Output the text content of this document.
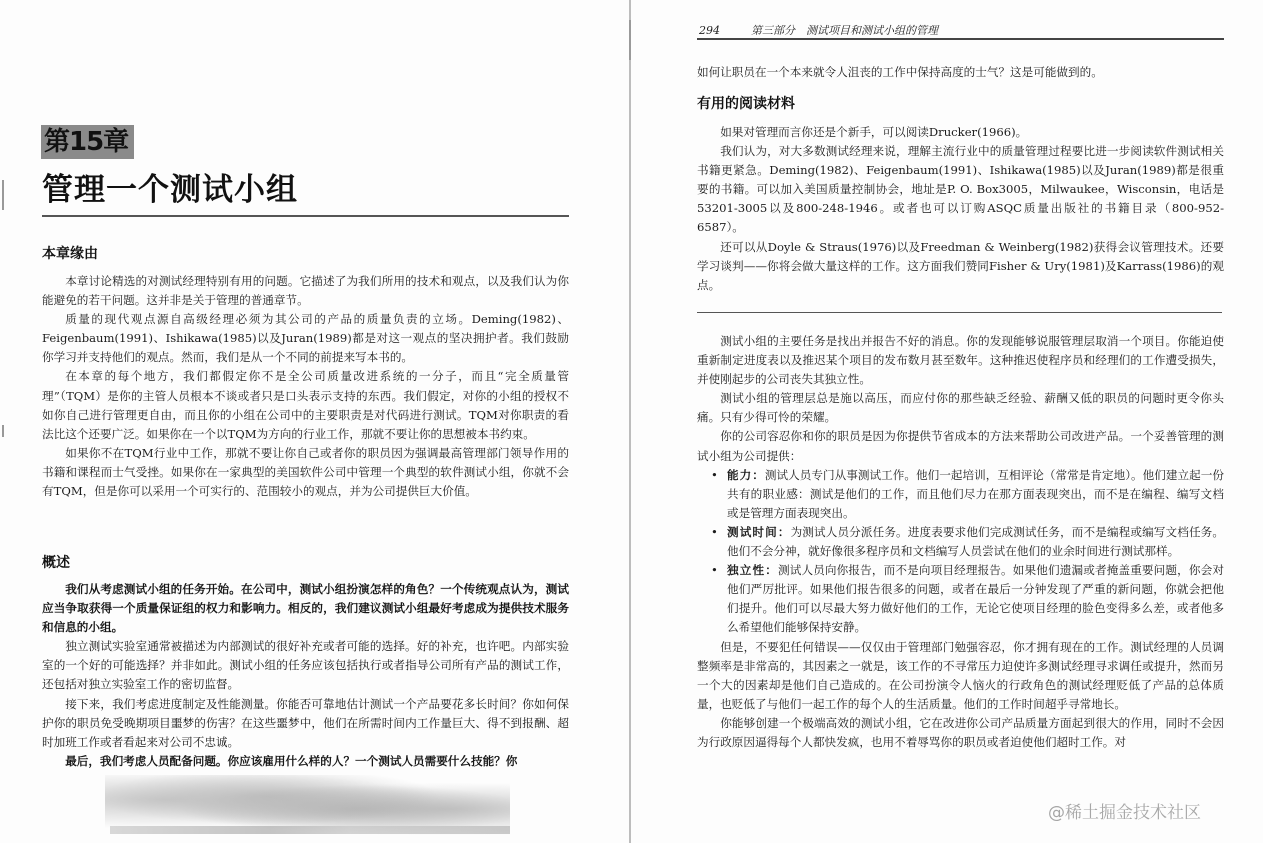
第15章
管理一个测试小组
本章缘由

本章讨论精选的对测试经理特别有用的问题。它描述了为我们所用的技术和观点，以及我们认为你能避免的若干问题。这并非是关于管理的普通章节。

质量的现代观点源自高级经理必须为其公司的产品的质量负责的立场。Deming(1982)、Feigenbaum(1991)、Ishikawa(1985)以及Juran(1989)都是对这一观点的坚决拥护者。我们鼓励你学习并支持他们的观点。然而，我们是从一个不同的前提来写本书的。

在本章的每个地方，我们都假定你不是全公司质量改进系统的一分子，而且“完全质量管理”（TQM）是你的主管人员根本不谈或者只是口头表示支持的东西。我们假定，对你的小组的授权不如你自己进行管理更自由，而且你的小组在公司中的主要职责是对代码进行测试。TQM对你职责的看法比这个还要广泛。如果你在一个以TQM为方向的行业工作，那就不要让你的思想被本书约束。

如果你不在TQM行业中工作，那就不要让你自己或者你的职员因为强调最高管理部门领导作用的书籍和课程而士气受挫。如果你在一家典型的美国软件公司中管理一个典型的软件测试小组，你就不会有TQM，但是你可以采用一个可实行的、范围较小的观点，并为公司提供巨大价值。

概述

我们从考虑测试小组的任务开始。在公司中，测试小组扮演怎样的角色？一个传统观点认为，测试应当争取获得一个质量保证组的权力和影响力。相反的，我们建议测试小组最好考虑成为提供技术服务和信息的小组。

独立测试实验室通常被描述为内部测试的很好补充或者可能的选择。好的补充，也许吧。内部实验室的一个好的可能选择？并非如此。测试小组的任务应该包括执行或者指导公司所有产品的测试工作，还包括对独立实验室工作的密切监督。

接下来，我们考虑进度制定及性能测量。你能否可靠地估计测试一个产品要花多长时间？你如何保护你的职员免受晚期项目噩梦的伤害？在这些噩梦中，他们在所需时间内工作量巨大、得不到报酬、超时加班工作或者看起来对公司不忠诚。

最后，我们考虑人员配备问题。你应该雇用什么样的人？一个测试人员需要什么技能？你

294	第三部分　测试项目和测试小组的管理

如何让职员在一个本来就令人沮丧的工作中保持高度的士气？这是可能做到的。

有用的阅读材料

如果对管理而言你还是个新手，可以阅读Drucker(1966)。

我们认为，对大多数测试经理来说，理解主流行业中的质量管理过程要比进一步阅读软件测试相关书籍更紧急。Deming(1982)、Feigenbaum(1991)、Ishikawa(1985)以及Juran(1989)都是很重要的书籍。可以加入美国质量控制协会，地址是P. O. Box3005，Milwaukee，Wisconsin，电话是53201-3005以及800-248-1946。或者也可以订购ASQC质量出版社的书籍目录（800-952-6587）。

还可以从Doyle & Straus(1976)以及Freedman & Weinberg(1982)获得会议管理技术。还要学习谈判——你将会做大量这样的工作。这方面我们赞同Fisher & Ury(1981)及Karrass(1986)的观点。

测试小组的主要任务是找出并报告不好的消息。你的发现能够说服管理层取消一个项目。你能迫使重新制定进度表以及推迟某个项目的发布数月甚至数年。这种推迟使程序员和经理们的工作遭受损失，并使刚起步的公司丧失其独立性。

测试小组的管理层总是施以高压，而应付你的那些缺乏经验、薪酬又低的职员的问题时更令你头痛。只有少得可怜的荣耀。

你的公司容忍你和你的职员是因为你提供节省成本的方法来帮助公司改进产品。一个妥善管理的测试小组为公司提供：

• 能力：测试人员专门从事测试工作。他们一起培训，互相评论（常常是肯定地）。他们建立起一份共有的职业感：测试是他们的工作，而且他们尽力在那方面表现突出，而不是在编程、编写文档或是管理方面表现突出。
• 测试时间：为测试人员分派任务。进度表要求他们完成测试任务，而不是编程或编写文档任务。他们不会分神，就好像很多程序员和文档编写人员尝试在他们的业余时间进行测试那样。
• 独立性：测试人员向你报告，而不是向项目经理报告。如果他们遗漏或者掩盖重要问题，你会对他们严厉批评。如果他们报告很多的问题，或者在最后一分钟发现了严重的新问题，你就会把他们提升。他们可以尽最大努力做好他们的工作，无论它使项目经理的脸色变得多么差，或者他多么希望他们能够保持安静。

但是，不要犯任何错误——仅仅由于管理部门勉强容忍，你才拥有现在的工作。测试经理的人员调整频率是非常高的，其因素之一就是，该工作的不寻常压力迫使许多测试经理寻求调任或提升，然而另一个大的因素却是他们自己造成的。在公司扮演令人恼火的行政角色的测试经理贬低了产品的总体质量，也贬低了与他们一起工作的每个人的生活质量。他们的工作时间超乎寻常地长。

你能够创建一个极端高效的测试小组，它在改进你公司产品质量方面起到很大的作用，同时不会因为行政原因逼得每个人都快发疯，也用不着辱骂你的职员或者迫使他们超时工作。对

@稀土掘金技术社区
